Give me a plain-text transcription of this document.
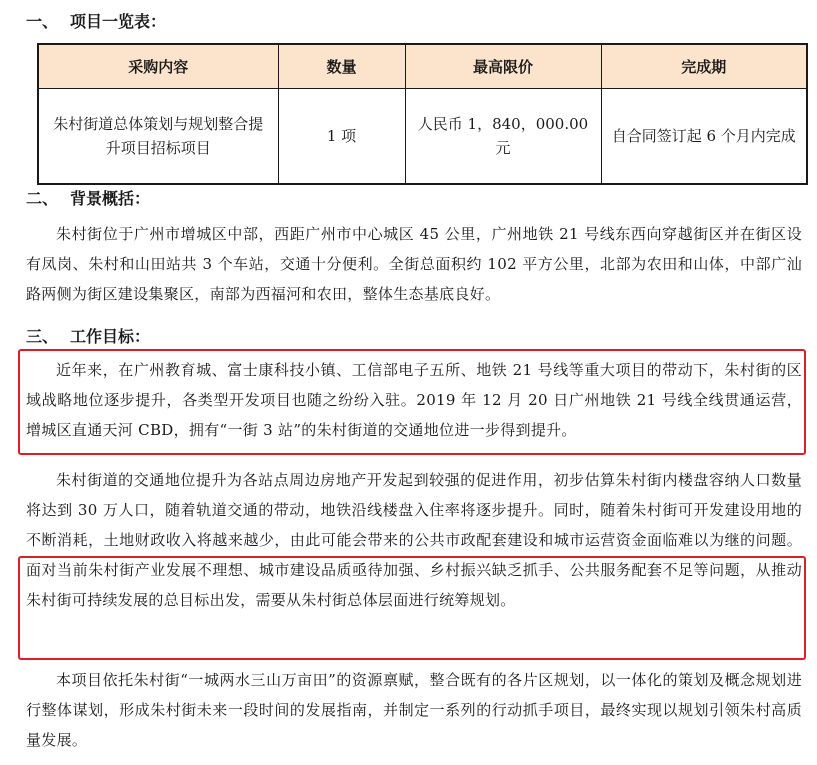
一、 项目一览表：
采购内容	数量	最高限价	完成期
朱村街道总体策划与规划整合提升项目招标项目	1 项	人民币 1，840，000.00 元	自合同签订起 6 个月内完成
二、 背景概括：

朱村街位于广州市增城区中部，西距广州市中心城区 45 公里，广州地铁 21 号线东西向穿越街区并在街区设有凤岗、朱村和山田站共 3 个车站，交通十分便利。全街总面积约 102 平方公里，北部为农田和山体，中部广汕路两侧为街区建设集聚区，南部为西福河和农田，整体生态基底良好。

三、 工作目标：

近年来，在广州教育城、富士康科技小镇、工信部电子五所、地铁 21 号线等重大项目的带动下，朱村街的区域战略地位逐步提升，各类型开发项目也随之纷纷入驻。2019 年 12 月 20 日广州地铁 21 号线全线贯通运营，增城区直通天河 CBD，拥有“一街 3 站”的朱村街道的交通地位进一步得到提升。

朱村街道的交通地位提升为各站点周边房地产开发起到较强的促进作用，初步估算朱村街内楼盘容纳人口数量将达到 30 万人口，随着轨道交通的带动，地铁沿线楼盘入住率将逐步提升。同时，随着朱村街可开发建设用地的不断消耗，土地财政收入将越来越少，由此可能会带来的公共市政配套建设和城市运营资金面临难以为继的问题。面对当前朱村街产业发展不理想、城市建设品质亟待加强、乡村振兴缺乏抓手、公共服务配套不足等问题，从推动朱村街可持续发展的总目标出发，需要从朱村街总体层面进行统筹规划。

本项目依托朱村街“一城两水三山万亩田”的资源禀赋，整合既有的各片区规划，以一体化的策划及概念规划进行整体谋划，形成朱村街未来一段时间的发展指南，并制定一系列的行动抓手项目，最终实现以规划引领朱村高质量发展。
